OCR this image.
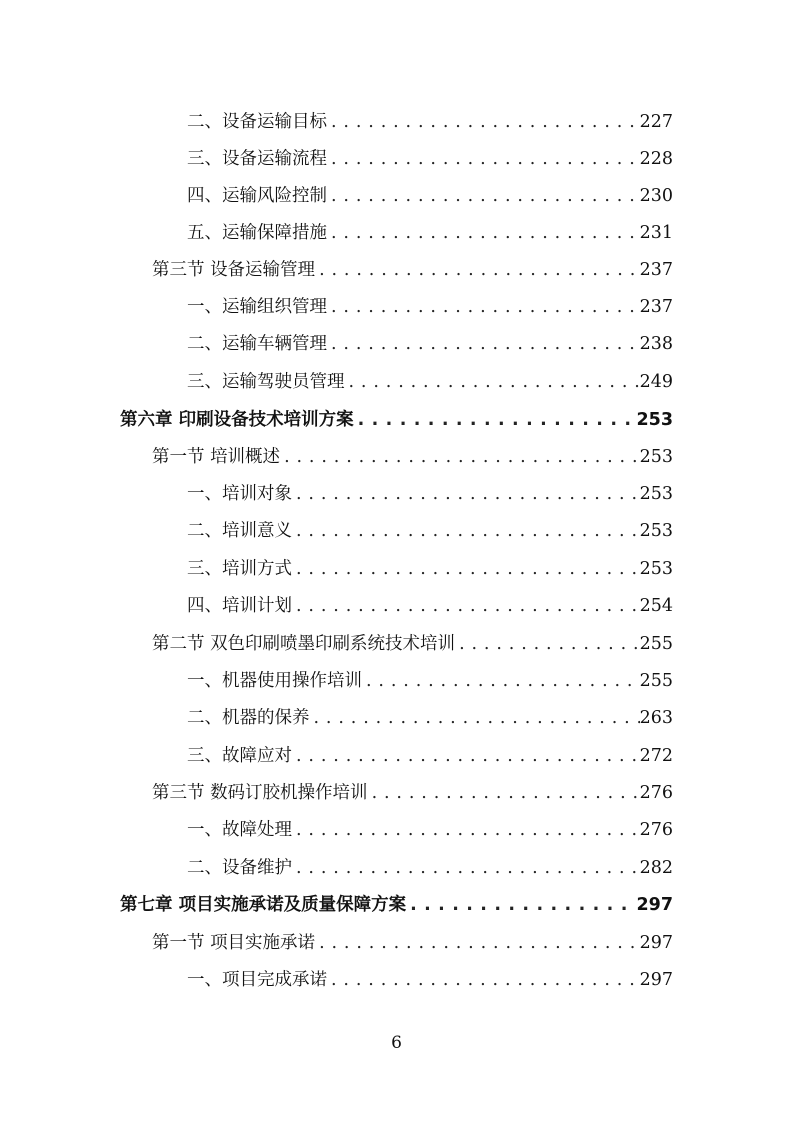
二、设备运输目标 . . .	227
三、设备运输流程 . . .	228
四、运输风险控制 . . .	230
五、运输保障措施 . . .	231
第三节 设备运输管理 . . .	237
一、运输组织管理 . . .	237
二、运输车辆管理 . . .	238
三、运输驾驶员管理 . . .	249
第六章 印刷设备技术培训方案 . . .	253
第一节 培训概述 . . .	253
一、培训对象 . . .	253
二、培训意义 . . .	253
三、培训方式 . . .	253
四、培训计划 . . .	254
第二节 双色印刷喷墨印刷系统技术培训 . . .	255
一、机器使用操作培训 . . .	255
二、机器的保养 . . .	263
三、故障应对 . . .	272
第三节 数码订胶机操作培训 . . .	276
一、故障处理 . . .	276
二、设备维护 . . .	282
第七章 项目实施承诺及质量保障方案 . . .	297
第一节 项目实施承诺 . . .	297
一、项目完成承诺 . . .	297
6
